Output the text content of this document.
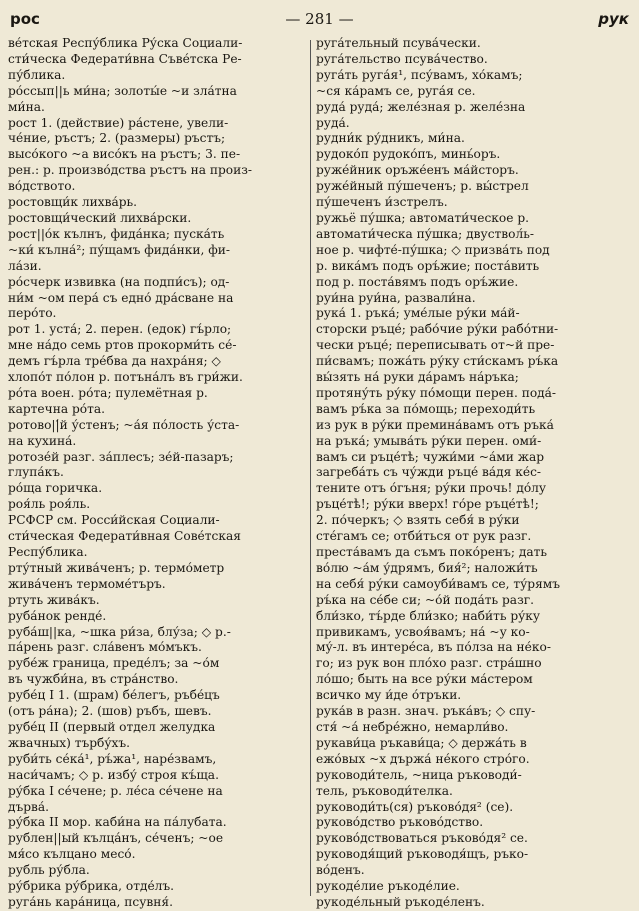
рос	— 281 —	рук
ве́тская Респу́блика Ру́ска Социали-
сти́ческа Федерати́вна Съве́тска Ре-
пу́блика.
ро́ссып||ь ми́на; золоты́е ~и зла́тна
ми́на.
рост 1. (действие) ра́стене, увели-
че́ние, ръстъ; 2. (размеры) ръстъ;
высо́кого ~а висо́къ на ръстъ; 3. пе-
рен.: р. произво́дства ръстъ на произ-
во́дството.
ростовщи́к лихва́рь.
ростовщи́ческий лихва́рски.
рост||о́к кълнъ, фида́нка; пуска́ть
~ки́ кълна́²; пу́щамъ фида́нки, фи-
ла́зи.
ро́счерк извивка (на подпи́съ); од-
ни́м ~ом пера́ съ едно́ дра́сване на
перо́то.
рот 1. уста́; 2. перен. (едок) гъ́рло;
мне на́до семь ртов прокорми́ть се́-
демъ гъ́рла тре́бва да нахра́ня; ◇
хлопо́т по́лон р. потъна́лъ въ гри́жи.
ро́та воен. ро́та; пулемётная р.
картечна ро́та.
ротово||́й у́стенъ; ~а́я по́лость у́ста-
на кухина́.
ротозе́й разг. за́плесъ; зе́й-пазаръ;
глупа́къ.
ро́ща горичка.
роя́ль роя́ль.
РСФСР см. Росси́йская Социали-
сти́ческая Федерати́вная Сове́тская
Респу́блика.
рту́тный жива́ченъ; р. термо́метр
жива́ченъ термоме́търъ.
ртуть жива́къ.
руба́нок ренде́.
руба́ш||ка, ~шка ри́за, блу́за; ◇ р.-
па́рень разг. сла́венъ мо́мъкъ.
рубе́ж граница, преде́лъ; за ~о́м
въ чужби́на, въ стра́нство.
рубе́ц I 1. (шрам) бе́легъ, ръбе́цъ
(отъ ра́на); 2. (шов) ръбъ, шевъ.
рубе́ц II (первый отдел желудка
жвачных) търбу́хъ.
руби́ть се́ка́¹, ръ́жа¹, наре́звамъ,
наси́чамъ; ◇ р. избу́ строя къ́ща.
ру́бка I се́чене; р. ле́са се́чене на
дърва́.
ру́бка II мор. каби́на на па́лубата.
рублен||ый кълца́нъ, се́ченъ; ~ое
мя́со кълцано месо́.
рубль ру́бла.
ру́брика ру́брика, отде́лъ.
руга́нь кара́ница, псувня́.
руга́тельный псува́чески.
руга́тельство псува́чество.
руга́ть руга́я¹, псу́вамъ, хо́камъ;
~ся ка́рамъ се, руга́я се.
руда́ руда́; желе́зная р. желе́зна
руда́.
рудни́к ру́дникъ, ми́на.
рудоко́п рудоко́пъ, минь́оръ.
руже́йник оръже́енъ ма́йсторъ.
руже́йный пу́шеченъ; р. вы́стрел
пу́шеченъ и́зстрелъ.
ружьё пу́шка; автомати́ческое р.
автомати́ческа пу́шка; двуствол́ь-
ное р. чифте́-пу́шка; ◇ призва́ть под
р. вика́мъ подъ оръ́жие; поста́вить
под р. поста́вямъ подъ оръ́жие.
руи́на руи́на, развали́на.
рука́ 1. ръка́; уме́лые ру́ки ма́й-
сторски ръце́; рабо́чие ру́ки рабо́тни-
чески ръце́; переписывать от~й пре-
пи́свамъ; пожа́ть ру́ку сти́скамъ ръ́ка
вы́зять на́ руки да́рамъ на́ръка;
протяну́ть ру́ку по́мощи перен. пода́-
вамъ ръ́ка за по́мощь; переходи́ть
из рук в ру́ки премина́вамъ отъ ръка́
на ръка́; умыва́ть ру́ки перен. оми́-
вамъ си ръце́тѣ; чужи́ми ~а́ми жар
загреба́ть съ чу́жди ръце́ ва́дя ке́с-
тените отъ о́гъня; ру́ки прочь! до́лу
ръце́тѣ!; ру́ки вверх! го́ре ръце́тѣ!;
2. по́черкъ; ◇ взять себя́ в ру́ки
сте́гамъ се; отби́ться от рук разг.
преста́вамъ да съмъ поко́ренъ; дать
во́лю ~а́м у́дрямъ, бия́²; наложи́ть
на себя́ ру́ки самоуби́вамъ се, ту́рямъ
ръ́ка на се́бе си; ~о́й пода́ть разг.
бли́зко, тъ́рде бли́зко; наби́ть ру́ку
привикамъ, усвоя́вамъ; на́ ~у ко-
му́-л. въ интере́са, въ по́лза на не́ко-
го; из рук вон пло́хо разг. стра́шно
ло́шо; быть на все ру́ки ма́стером
всичко му и́де о́тръки.
рука́в в разн. знач. ръка́въ; ◇ спу-
стя́ ~а́ небре́жно, немарли́во.
рукави́ца ръкави́ца; ◇ держа́ть в
ежо́вых ~х държа́ не́кого стро́го.
руководи́тель, ~ница ръководи́-
тель, ръководи́телка.
руководи́ть(ся) ръково́дя² (се).
руково́дство ръково́дство.
руково́дствоваться ръково́дя² се.
руководя́щий ръководя́щъ, ръко-
во́денъ.
рукоде́лие ръкоде́лие.
рукоде́льный ръкоде́ленъ.
